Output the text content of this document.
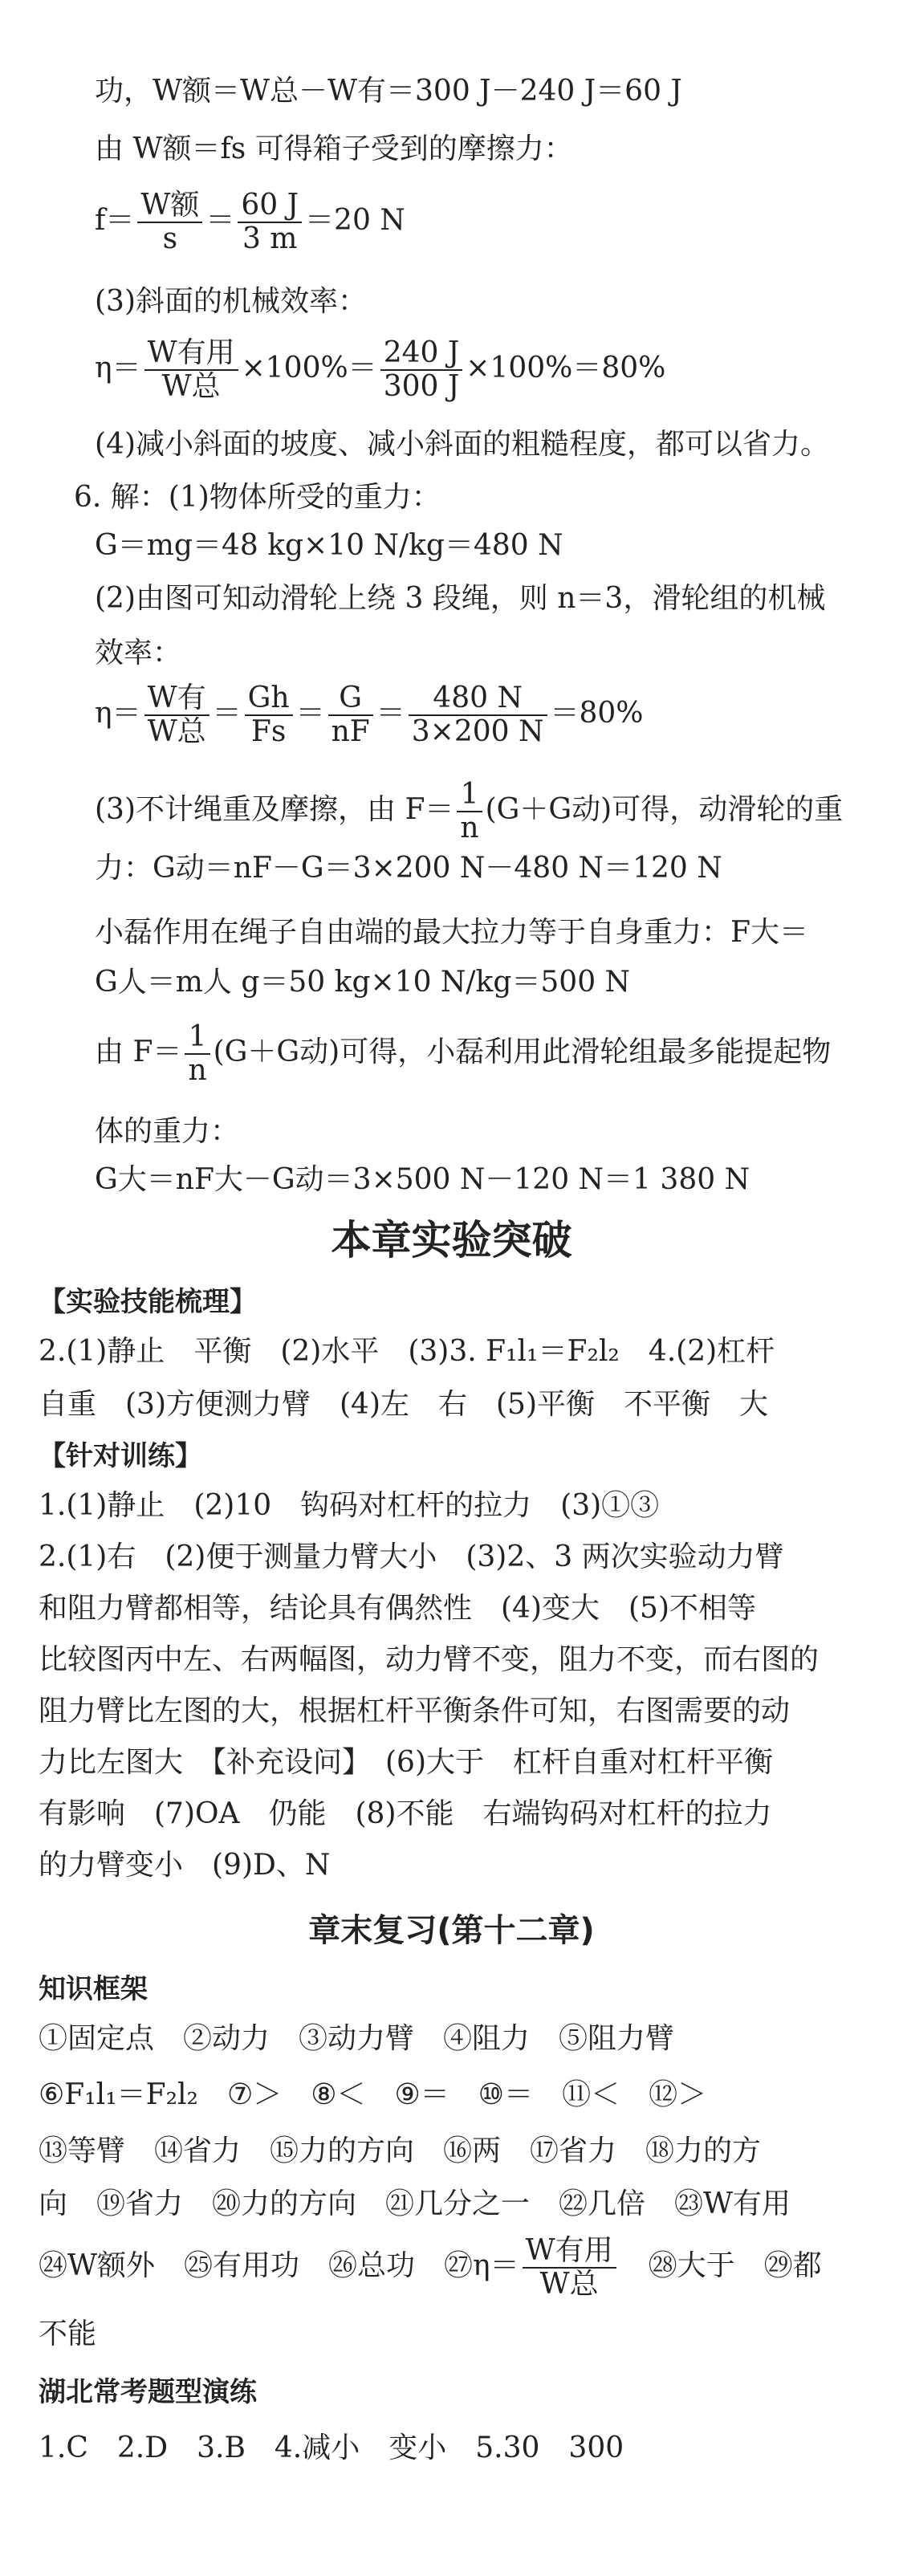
功，W额＝W总－W有＝300 J－240 J＝60 J
由 W额＝fs 可得箱子受到的摩擦力：
$f= \frac{\text{W额}}{s} = \frac{60 J}{3 m} =20$ N
(3)斜面的机械效率：
$\eta= \frac{\text{W有用}}{\text{W总}} \times 100\%= \frac{240 J}{300 J} \times 100\%=80\%$
(4)减小斜面的坡度、减小斜面的粗糙程度，都可以省力。
6. 解：(1)物体所受的重力：
G＝mg＝48 kg×10 N/kg＝480 N
(2)由图可知动滑轮上绕 3 段绳，则 n＝3，滑轮组的机械
效率：
$\eta= \frac{\text{W有}}{\text{W总}} = \frac{Gh}{Fs} = \frac{G}{nF} = \frac{480 N}{3\times 200 N} =80\%$
(3)不计绳重及摩擦，由 $F= \frac{1}{n} (G+G$动)可得，动滑轮的重
力：G动＝nF－G＝3×200 N－480 N＝120 N
小磊作用在绳子自由端的最大拉力等于自身重力：F大＝
G人＝m人 g＝50 kg×10 N/kg＝500 N
由 $F= \frac{1}{n} (G+G$动)可得，小磊利用此滑轮组最多能提起物
体的重力：
G大＝nF大－G动＝3×500 N－120 N＝1 380 N
本章实验突破
【实验技能梳理】
2.(1)静止　平衡　(2)水平　(3)3. F₁l₁＝F₂l₂　4.(2)杠杆
自重　(3)方便测力臂　(4)左　右　(5)平衡　不平衡　大
【针对训练】
1.(1)静止　(2)10　钩码对杠杆的拉力　(3)①③
2.(1)右　(2)便于测量力臂大小　(3)2、3 两次实验动力臂
和阻力臂都相等，结论具有偶然性　(4)变大　(5)不相等
比较图丙中左、右两幅图，动力臂不变，阻力不变，而右图的
阻力臂比左图的大，根据杠杆平衡条件可知，右图需要的动
力比左图大　【补充设问】　(6)大于　杠杆自重对杠杆平衡
有影响　(7)OA　仍能　(8)不能　右端钩码对杠杆的拉力
的力臂变小　(9)D、N
章末复习(第十二章)
知识框架
①固定点　②动力　③动力臂　④阻力　⑤阻力臂
⑥F₁l₁＝F₂l₂　⑦＞　⑧＜　⑨＝　⑩＝　⑪＜　⑫＞
⑬等臂　⑭省力　⑮力的方向　⑯两　⑰省力　⑱力的方
向　⑲省力　⑳力的方向　㉑几分之一　㉒几倍　㉓W有用
㉔W额外　㉕有用功　㉖总功　㉗η＝ $\frac{\text{W有用}}{\text{W总}}$ 　㉘大于　㉙都
不能
湖北常考题型演练
1.C　2.D　3.B　4.减小　变小　5.30　300
